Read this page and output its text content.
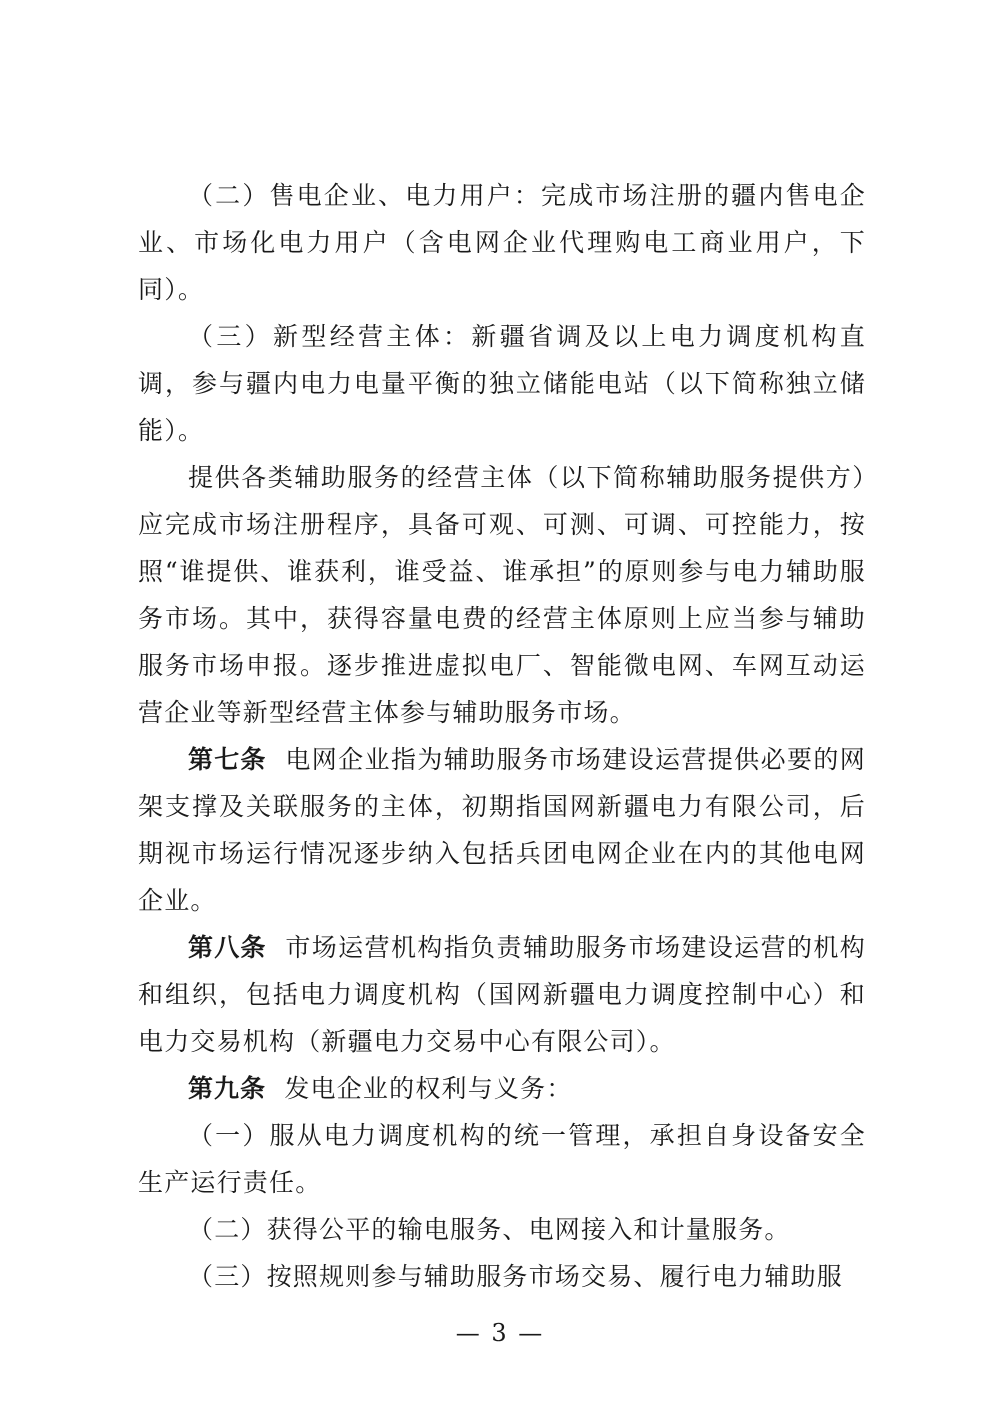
（二）售电企业、电力用户：完成市场注册的疆内售电企业、市场化电力用户（含电网企业代理购电工商业用户，下同）。

（三）新型经营主体：新疆省调及以上电力调度机构直调，参与疆内电力电量平衡的独立储能电站（以下简称独立储能）。

提供各类辅助服务的经营主体（以下简称辅助服务提供方）应完成市场注册程序，具备可观、可测、可调、可控能力，按照“谁提供、谁获利，谁受益、谁承担”的原则参与电力辅助服务市场。其中，获得容量电费的经营主体原则上应当参与辅助服务市场申报。逐步推进虚拟电厂、智能微电网、车网互动运营企业等新型经营主体参与辅助服务市场。

第七条 电网企业指为辅助服务市场建设运营提供必要的网架支撑及关联服务的主体，初期指国网新疆电力有限公司，后期视市场运行情况逐步纳入包括兵团电网企业在内的其他电网企业。

第八条 市场运营机构指负责辅助服务市场建设运营的机构和组织，包括电力调度机构（国网新疆电力调度控制中心）和电力交易机构（新疆电力交易中心有限公司）。

第九条 发电企业的权利与义务：

（一）服从电力调度机构的统一管理，承担自身设备安全生产运行责任。

（二）获得公平的输电服务、电网接入和计量服务。

（三）按照规则参与辅助服务市场交易、履行电力辅助服

— 3 —
